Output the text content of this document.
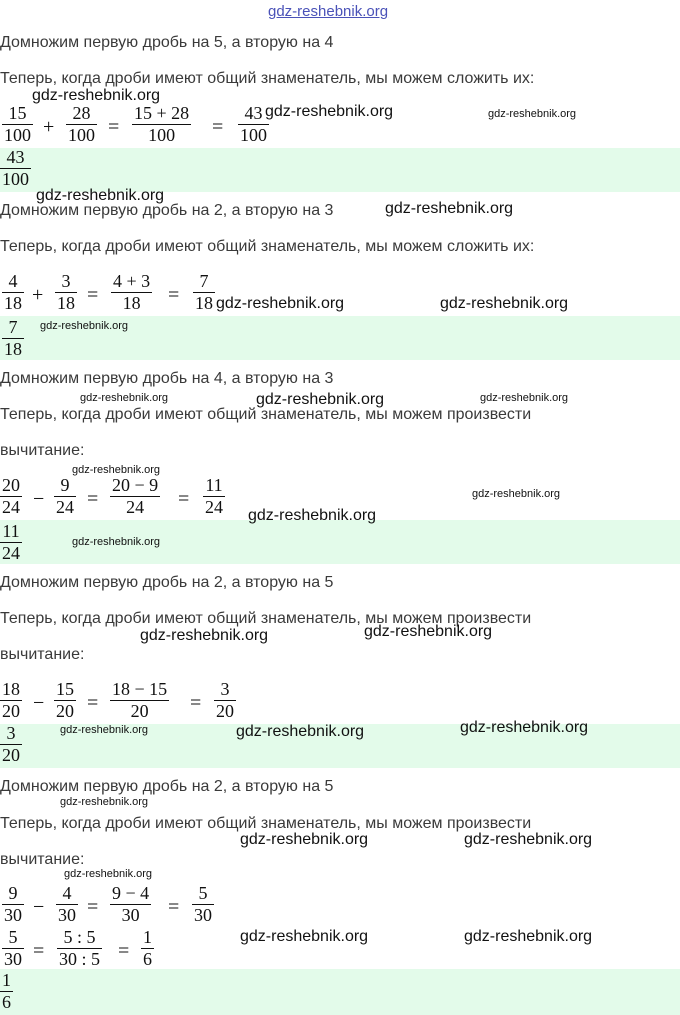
gdz-reshebnik.org
Домножим первую дробь на 5, а вторую на 4
Теперь, когда дроби имеют общий знаменатель, мы можем сложить их:
15
100 +
28
100 =
15 + 28
100 =
43
100
43
100
Домножим первую дробь на 2, а вторую на 3
Теперь, когда дроби имеют общий знаменатель, мы можем сложить их:
4
18 +
3
18 =
4 + 3
18 =
7
18
7
18
Домножим первую дробь на 4, а вторую на 3
Теперь, когда дроби имеют общий знаменатель, мы можем произвести
вычитание:
20
24 −
9
24 =
20 − 9
24 =
11
24
11
24
Домножим первую дробь на 2, а вторую на 5
Теперь, когда дроби имеют общий знаменатель, мы можем произвести
вычитание:
18
20 −
15
20 =
18 − 15
20 =
3
20
3
20
Домножим первую дробь на 2, а вторую на 5
Теперь, когда дроби имеют общий знаменатель, мы можем произвести
вычитание:
9
30 −
4
30 =
9 − 4
30 =
5
30
5
30 =
5 : 5
30 : 5 =
1
6
1
6
gdz-reshebnik.org
gdz-reshebnik.org	gdz-reshebnik.org
gdz-reshebnik.org
gdz-reshebnik.org
gdz-reshebnik.org	gdz-reshebnik.org
gdz-reshebnik.org
gdz-reshebnik.org	gdz-reshebnik.org	gdz-reshebnik.org
gdz-reshebnik.org
gdz-reshebnik.org
gdz-reshebnik.org
gdz-reshebnik.org
gdz-reshebnik.org	gdz-reshebnik.org
gdz-reshebnik.org	gdz-reshebnik.org	gdz-reshebnik.org
gdz-reshebnik.org
gdz-reshebnik.org	gdz-reshebnik.org
gdz-reshebnik.org
gdz-reshebnik.org	gdz-reshebnik.org
